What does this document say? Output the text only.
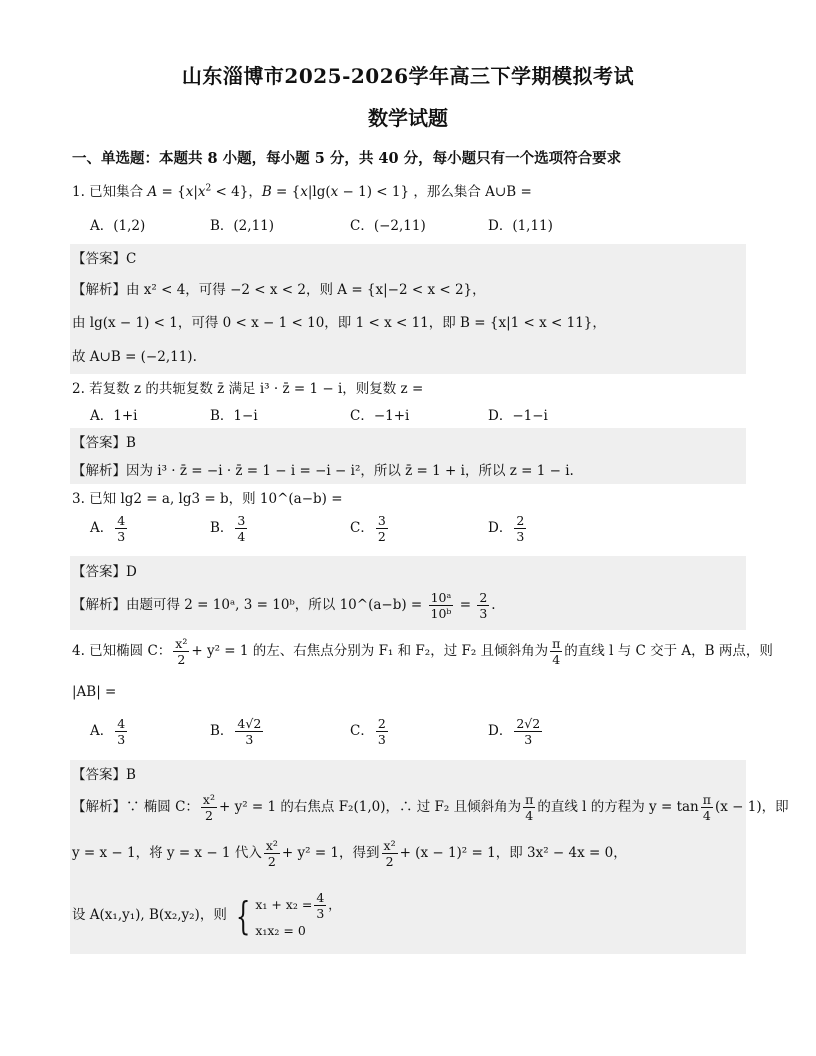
山东淄博市2025-2026学年高三下学期模拟考试
数学试题
一、单选题：本题共 8 小题，每小题 5 分，共 40 分，每小题只有一个选项符合要求
1. 已知集合 $A = \{x|x^2 < 4\}$，B = {x|lg(x − 1) < 1} ，那么集合 A∪B =
A．(1,2)	B．(2,11)	C．(−2,11)	D．(1,11)
【答案】C
【解析】由 x² < 4，可得 −2 < x < 2，则 A = {x|−2 < x < 2}，
由 lg(x − 1) < 1，可得 0 < x − 1 < 10，即 1 < x < 11，即 B = {x|1 < x < 11}，
故 A∪B = (−2,11).
2. 若复数 z 的共轭复数 z̄ 满足 i³ · z̄ = 1 − i，则复数 z =
A．1+i	B．1−i	C．−1+i	D．−1−i
【答案】B
【解析】因为 i³ · z̄ = −i · z̄ = 1 − i = −i − i²，所以 z̄ = 1 + i，所以 z = 1 − i.
3. 已知 lg2 = a, lg3 = b，则 10^(a−b) =
A． $\frac{4}{3}$	B． $\frac{3}{4}$	C． $\frac{3}{2}$	D． $\frac{2}{3}$
【答案】D
【解析】由题可得 2 = 10ᵃ, 3 = 10ᵇ，所以 10^(a−b) = $\frac{\text{10ᵃ}}{\text{10ᵇ}} = \frac{2}{3}$ .
4. 已知椭圆 C： $\frac{\text{x²}}{2} + y^2 = 1$ 的左、右焦点分别为 F₁ 和 F₂，过 F₂ 且倾斜角为 $\frac{\pi}{4}$ 的直线 l 与 C 交于 A，B 两点，则
|AB| =
A． $\frac{4}{3}$	B． $\frac{4√2}{3}$	C． $\frac{2}{3}$	D． $\frac{2√2}{3}$
【答案】B
【解析】∵ 椭圆 C： $\frac{\text{x²}}{2} + y^2 = 1$ 的右焦点 F₂(1,0)，∴ 过 F₂ 且倾斜角为 $\frac{\pi}{4}$ 的直线 l 的方程为 $y = \tan \frac{\pi}{4} (x - 1)$，即
y = x − 1，将 y = x − 1 代入 $\frac{\text{x²}}{2} + y^2 = 1$，得到 $\frac{\text{x²}}{2} + (x - 1)^2 = 1$，即 3x² − 4x = 0，
设 A(x₁,y₁), B(x₂,y₂)，则 { $x_1 + x_2 = \frac{4}{3}$ ，
x₁x₂ = 0
